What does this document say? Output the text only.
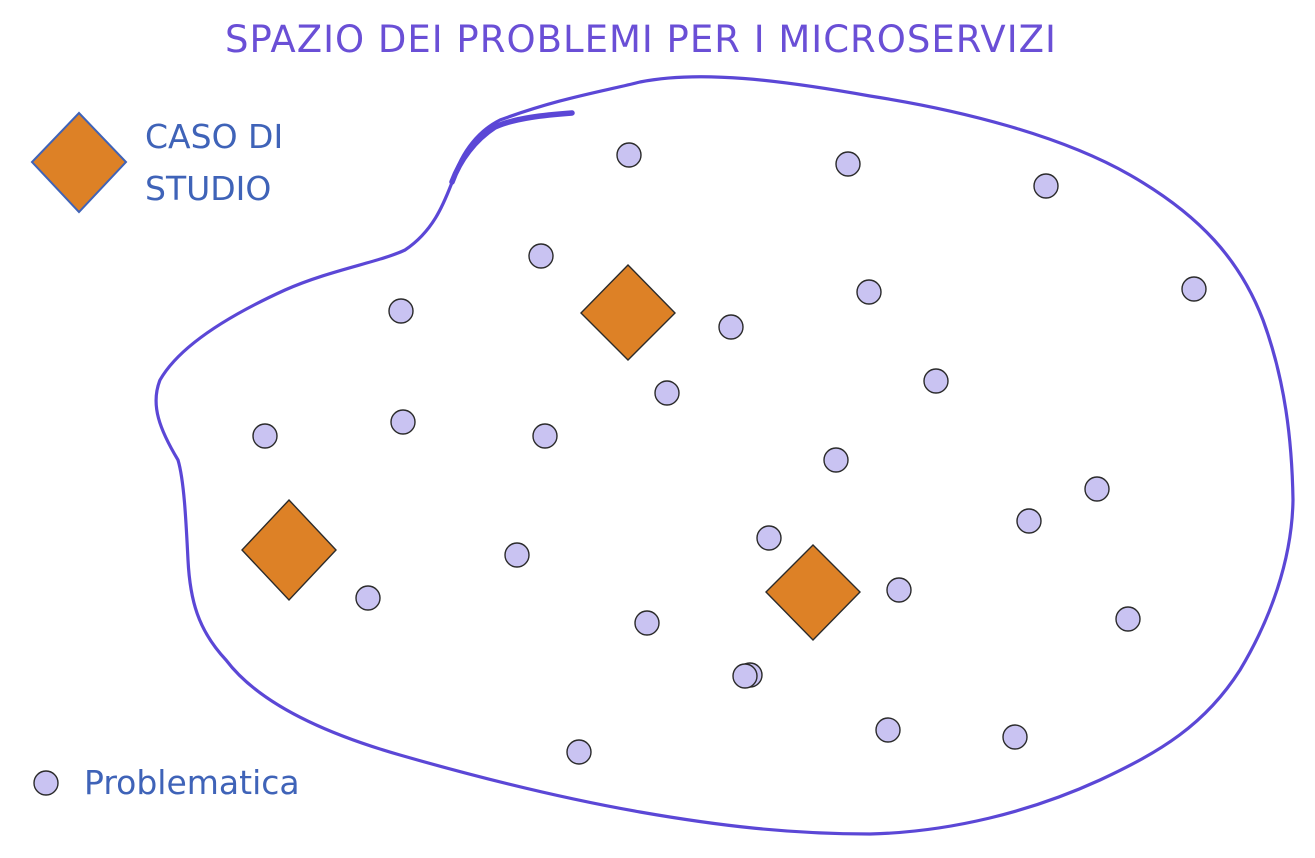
SPAZIO DEI PROBLEMI PER I MICROSERVIZI
CASO DI
STUDIO
Problematica
